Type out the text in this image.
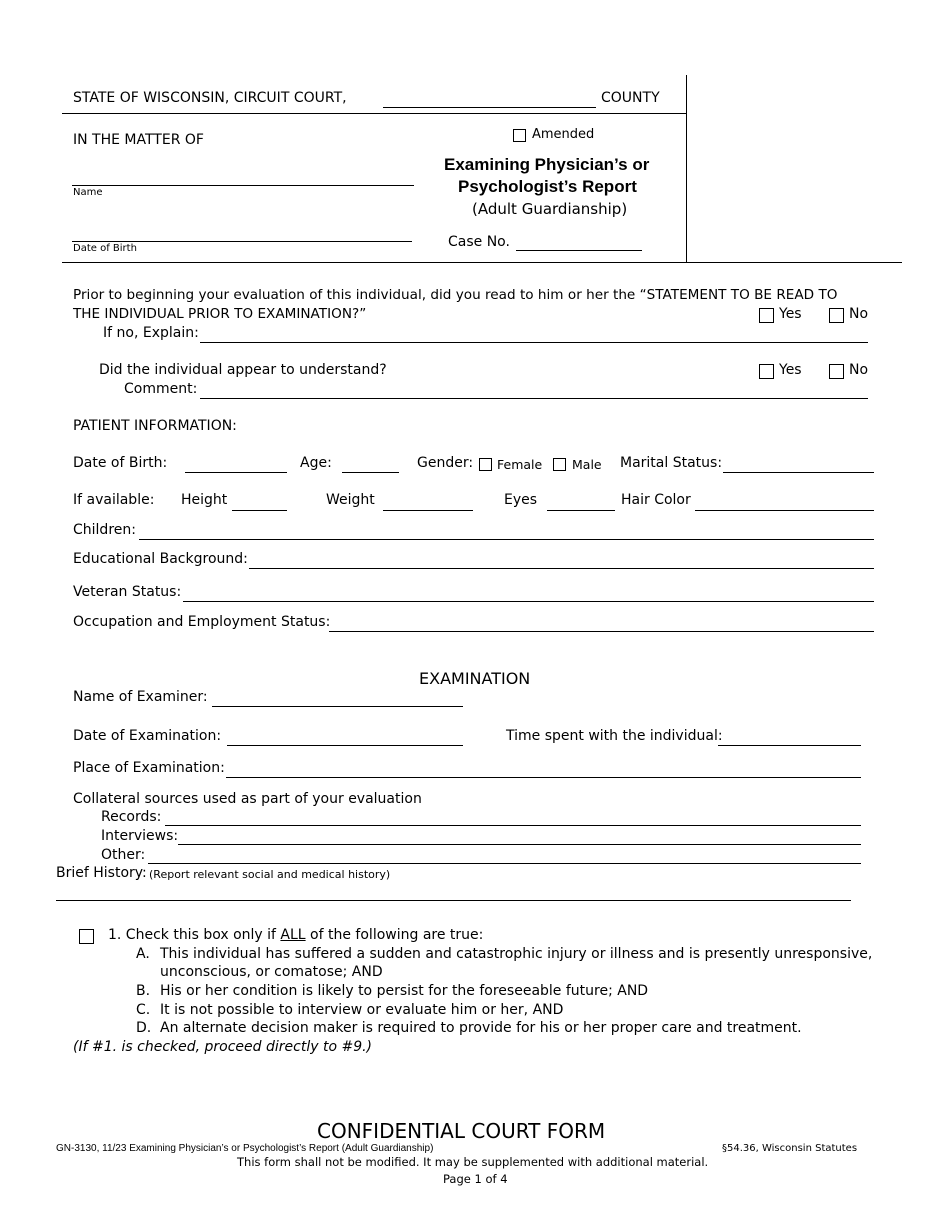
STATE OF WISCONSIN, CIRCUIT COURT,	COUNTY
IN THE MATTER OF
Name
Date of Birth
Amended
Examining Physician’s or
Psychologist’s Report
(Adult Guardianship)
Case No.
Prior to beginning your evaluation of this individual, did you read to him or her the “STATEMENT TO BE READ TO
THE INDIVIDUAL PRIOR TO EXAMINATION?”	Yes	No
If no, Explain:
Did the individual appear to understand?	Yes	No
Comment:
PATIENT INFORMATION:
Date of Birth:	Age:	Gender: Female Male Marital Status:
If available: Height	Weight	Eyes	Hair Color
Children:
Educational Background:
Veteran Status:
Occupation and Employment Status:
EXAMINATION
Name of Examiner:
Date of Examination:	Time spent with the individual:
Place of Examination:
Collateral sources used as part of your evaluation
Records:
Interviews:
Other:
Brief History: (Report relevant social and medical history)
1. Check this box only if ALL of the following are true:
A. This individual has suffered a sudden and catastrophic injury or illness and is presently unresponsive,
unconscious, or comatose; AND
B. His or her condition is likely to persist for the foreseeable future; AND
C. It is not possible to interview or evaluate him or her, AND
D. An alternate decision maker is required to provide for his or her proper care and treatment.
(If #1. is checked, proceed directly to #9.)
CONFIDENTIAL COURT FORM
GN-3130, 11/23 Examining Physician’s or Psychologist’s Report (Adult Guardianship)	§54.36, Wisconsin Statutes
This form shall not be modified. It may be supplemented with additional material.
Page 1 of 4
